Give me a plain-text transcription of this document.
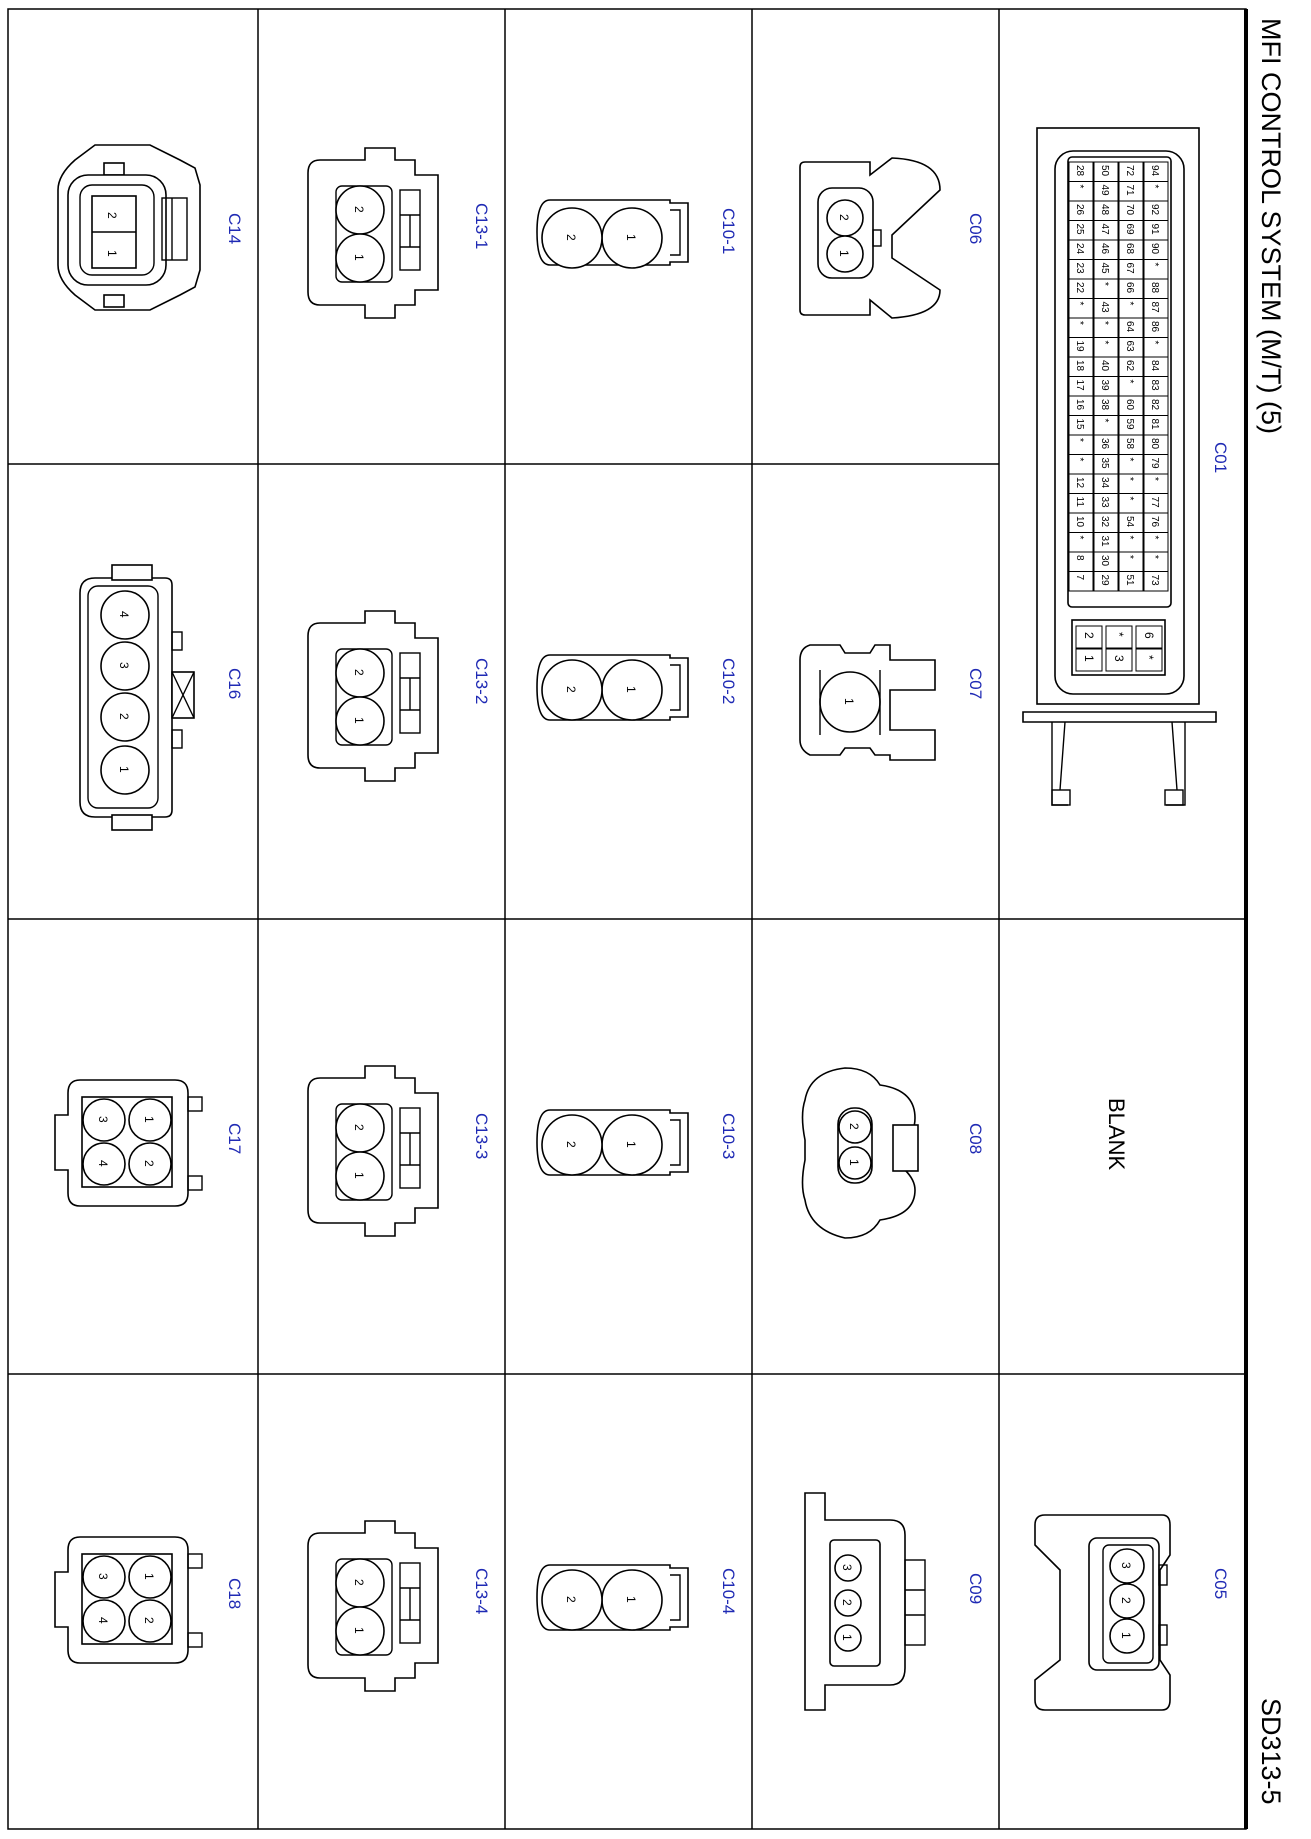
MFI CONTROL SYSTEM (M/T) (5)
SD313-5
C01
94
*
92
91
90
*
88
87
86
*
84
83
82
81
80
79
*
77
76
*
*
73
72
71
70
69
68
67
66
*
64
63
62
*
60
59
58
*
*
*
54
*
*
51
50
49
48
47
46
45
*
43
*
*
40
39
38
*
36
35
34
33
32
31
30
29
28
*
26
25
24
23
22
*
*
19
18
17
16
15
*
*
12
11
10
*
8
7
6
*
*
3
2
1
BLANK
C05
3
2
1
C06
2
1
C07
1
C08
2
1
C09
3
2
1
C10-1
1
2
C10-2
1
2
C10-3
1
2
C10-4
1
2
C13-1
2
1
C13-2
2
1
C13-3
2
1
C13-4
2
1
C14
2
1
C16
4
3
2
1
C17
1
2
3
4
C18
1
2
3
4
